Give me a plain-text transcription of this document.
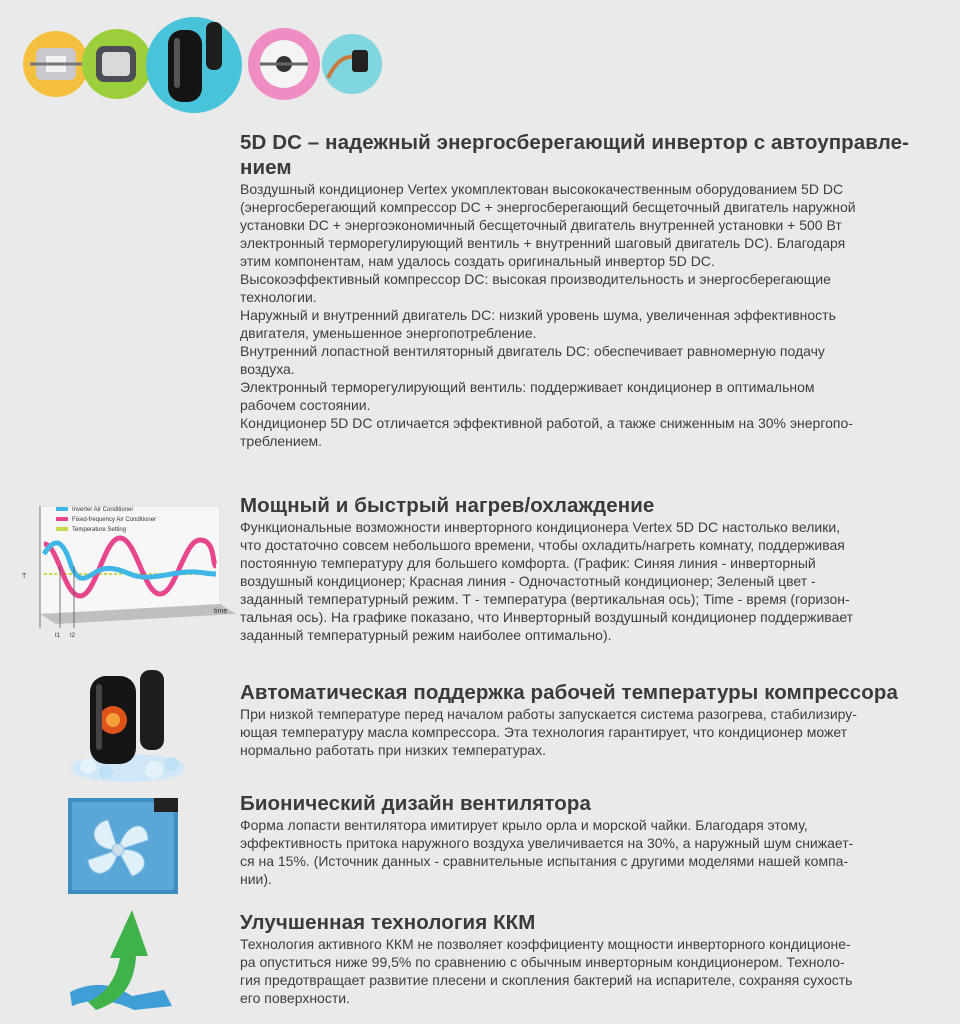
5D DC – надежный энергосберегающий инвертор с автоуправле-
нием

Воздушный кондиционер Vertex укомплектован высококачественным оборудованием 5D DC

(энергосберегающий компрессор DC + энергосберегающий бесщеточный двигатель наружной

установки DC + энергоэкономичный бесщеточный двигатель внутренней установки + 500 Вт

электронный терморегулирующий вентиль + внутренний шаговый двигатель DC). Благодаря

этим компонентам, нам удалось создать оригинальный инвертор 5D DC.

Высокоэффективный компрессор DC: высокая производительность и энергосберегающие

технологии.

Наружный и внутренний двигатель DC: низкий уровень шума, увеличенная эффективность

двигателя, уменьшенное энергопотребление.

Внутренний лопастной вентиляторный двигатель DC: обеспечивает равномерную подачу

воздуха.

Электронный терморегулирующий вентиль: поддерживает кондиционер в оптимальном

рабочем состоянии.

Кондиционер 5D DC отличается эффективной работой, а также сниженным на 30% энергопо-

треблением.

Inverter Air Conditioner
Fixed-frequency Air Conditioner
Temperature Setting
T
time
t1 t2
Мощный и быстрый нагрев/охлаждение

Функциональные возможности инверторного кондиционера Vertex 5D DC настолько велики,

что достаточно совсем небольшого времени, чтобы охладить/нагреть комнату, поддерживая

постоянную температуру для большего комфорта. (График: Синяя линия - инверторный

воздушный кондиционер; Красная линия - Одночастотный кондиционер; Зеленый цвет -

заданный температурный режим. Т - температура (вертикальная ось); Time - время (горизон-

тальная ось). На графике показано, что Инверторный воздушный кондиционер поддерживает

заданный температурный режим наиболее оптимально).

Автоматическая поддержка рабочей температуры компрессора

При низкой температуре перед началом работы запускается система разогрева, стабилизиру-

ющая температуру масла компрессора. Эта технология гарантирует, что кондиционер может

нормально работать при низких температурах.

Бионический дизайн вентилятора

Форма лопасти вентилятора имитирует крыло орла и морской чайки. Благодаря этому,

эффективность притока наружного воздуха увеличивается на 30%, а наружный шум снижает-

ся на 15%. (Источник данных - сравнительные испытания с другими моделями нашей компа-

нии).

Улучшенная технология ККМ

Технология активного ККМ не позволяет коэффициенту мощности инверторного кондиционе-

ра опуститься ниже 99,5% по сравнению с обычным инверторным кондиционером. Техноло-

гия предотвращает развитие плесени и скопления бактерий на испарителе, сохраняя сухость

его поверхности.
